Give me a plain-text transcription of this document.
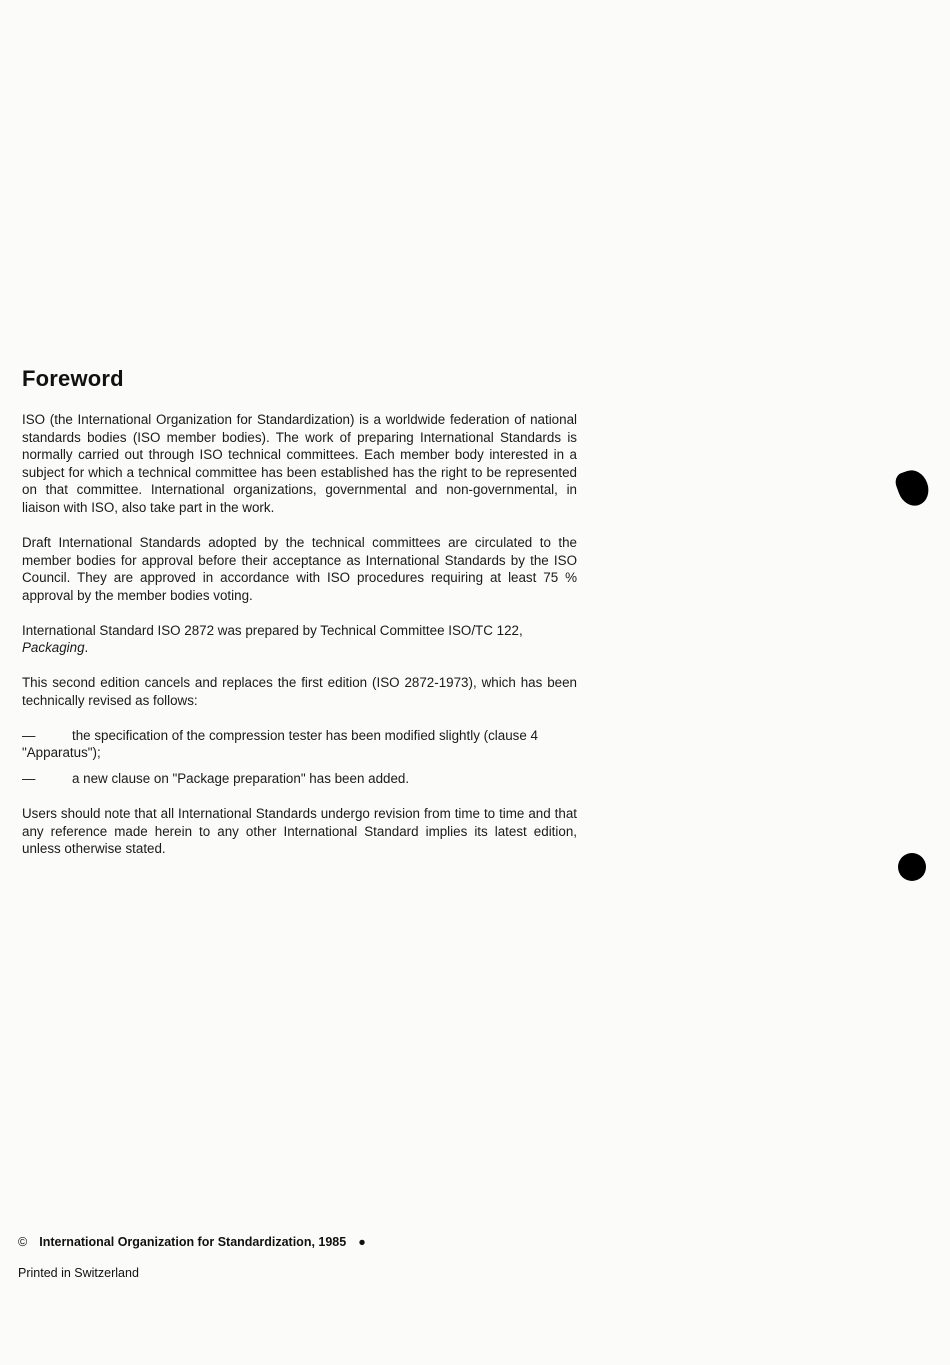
Foreword

ISO (the International Organization for Standardization) is a worldwide federation of national standards bodies (ISO member bodies). The work of preparing International Standards is normally carried out through ISO technical committees. Each member body interested in a subject for which a technical committee has been established has the right to be represented on that committee. International organizations, governmental and non-governmental, in liaison with ISO, also take part in the work.

Draft International Standards adopted by the technical committees are circulated to the member bodies for approval before their acceptance as International Standards by the ISO Council. They are approved in accordance with ISO procedures requiring at least 75 % approval by the member bodies voting.

International Standard ISO 2872 was prepared by Technical Committee ISO/TC 122,
Packaging.

This second edition cancels and replaces the first edition (ISO 2872-1973), which has been technically revised as follows:

—	the specification of the compression tester has been modified slightly (clause 4 "Apparatus");
—	a new clause on "Package preparation" has been added.

Users should note that all International Standards undergo revision from time to time and that any reference made herein to any other International Standard implies its latest edition, unless otherwise stated.

© International Organization for Standardization, 1985 ●
Printed in Switzerland
